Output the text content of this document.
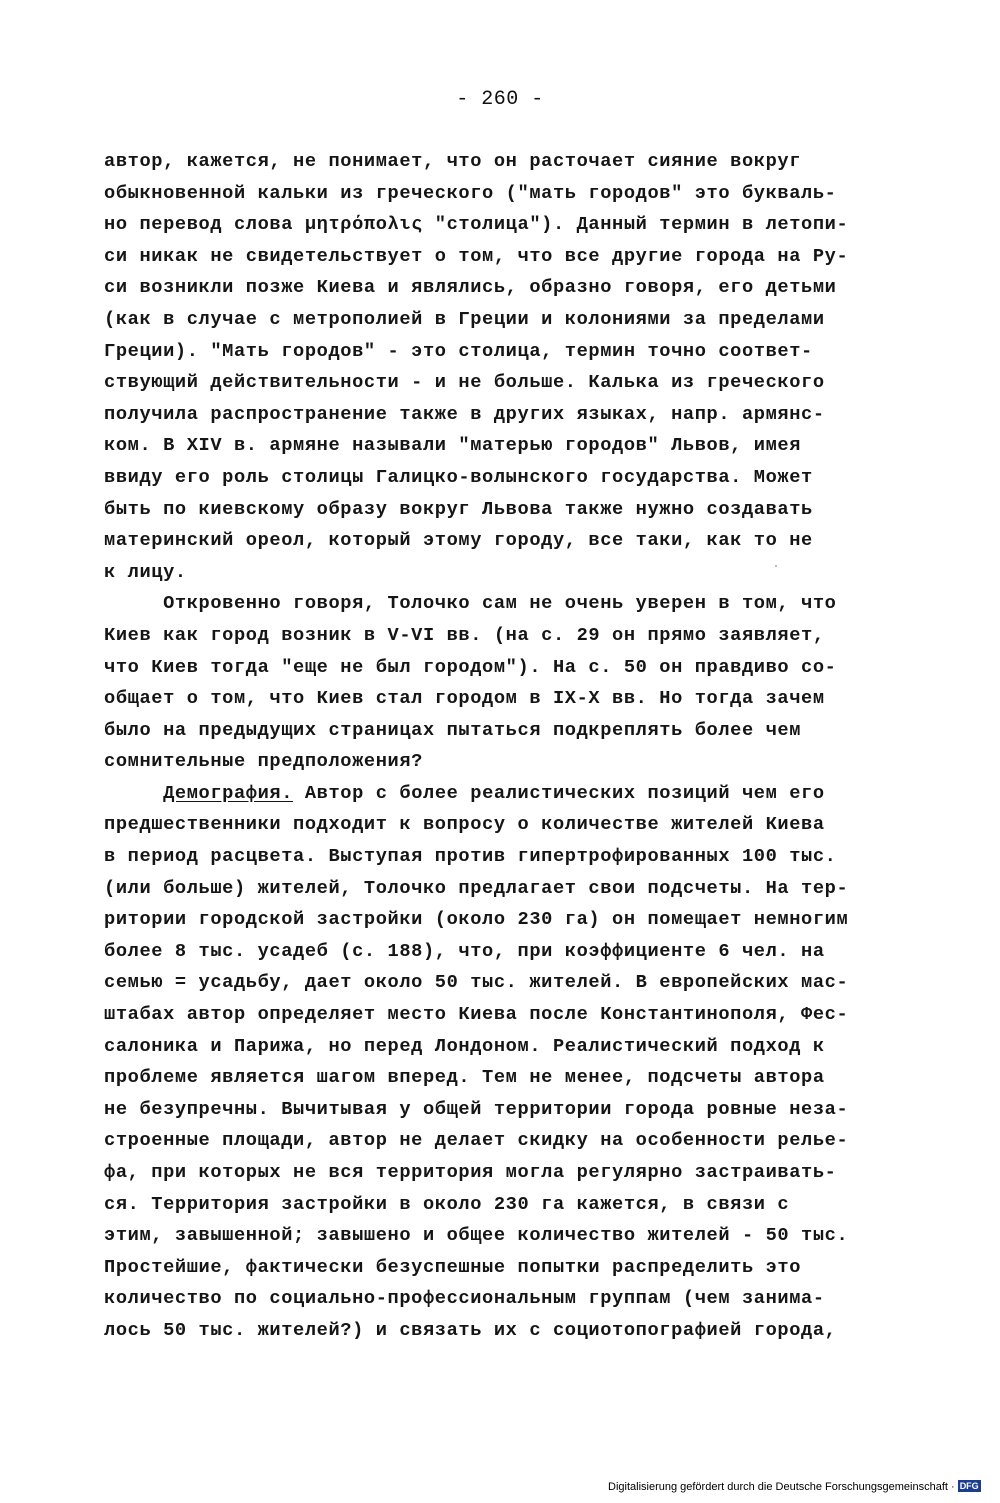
- 260 -
автор, кажется, не понимает, что он расточает сияние вокруг
обыкновенной кальки из греческого ("мать городов" это букваль-
но перевод слова μητρόπολις "столица"). Данный термин в летопи-
си никак не свидетельствует о том, что все другие города на Ру-
си возникли позже Киева и являлись, образно говоря, его детьми
(как в случае с метрополией в Греции и колониями за пределами
Греции). "Мать городов" - это столица, термин точно соответ-
ствующий действительности - и не больше. Калька из греческого
получила распространение также в других языках, напр. армянс-
ком. В XIV в. армяне называли "матерью городов" Львов, имея
ввиду его роль столицы Галицко-волынского государства. Может
быть по киевскому образу вокруг Львова также нужно создавать
материнский ореол, который этому городу, все таки, как то не
к лицу.
Откровенно говоря, Толочко сам не очень уверен в том, что
Киев как город возник в V-VI вв. (на с. 29 он прямо заявляет,
что Киев тогда "еще не был городом"). На с. 50 он правдиво со-
общает о том, что Киев стал городом в IX-X вв. Но тогда зачем
было на предыдущих страницах пытаться подкреплять более чем
сомнительные предположения?
Демография. Автор с более реалистических позиций чем его
предшественники подходит к вопросу о количестве жителей Киева
в период расцвета. Выступая против гипертрофированных 100 тыс.
(или больше) жителей, Толочко предлагает свои подсчеты. На тер-
ритории городской застройки (около 230 га) он помещает немногим
более 8 тыс. усадеб (с. 188), что, при коэффициенте 6 чел. на
семью = усадьбу, дает около 50 тыс. жителей. В европейских мас-
штабах автор определяет место Киева после Константинополя, Фес-
салоника и Парижа, но перед Лондоном. Реалистический подход к
проблеме является шагом вперед. Тем не менее, подсчеты автора
не безупречны. Вычитывая у общей территории города ровные неза-
строенные площади, автор не делает скидку на особенности релье-
фа, при которых не вся территория могла регулярно застраивать-
ся. Территория застройки в около 230 га кажется, в связи с
этим, завышенной; завышено и общее количество жителей - 50 тыс.
Простейшие, фактически безуспешные попытки распределить это
количество по социально-профессиональным группам (чем занима-
лось 50 тыс. жителей?) и связать их с социотопографией города,
Digitalisierung gefördert durch die Deutsche Forschungsgemeinschaft · DFG
